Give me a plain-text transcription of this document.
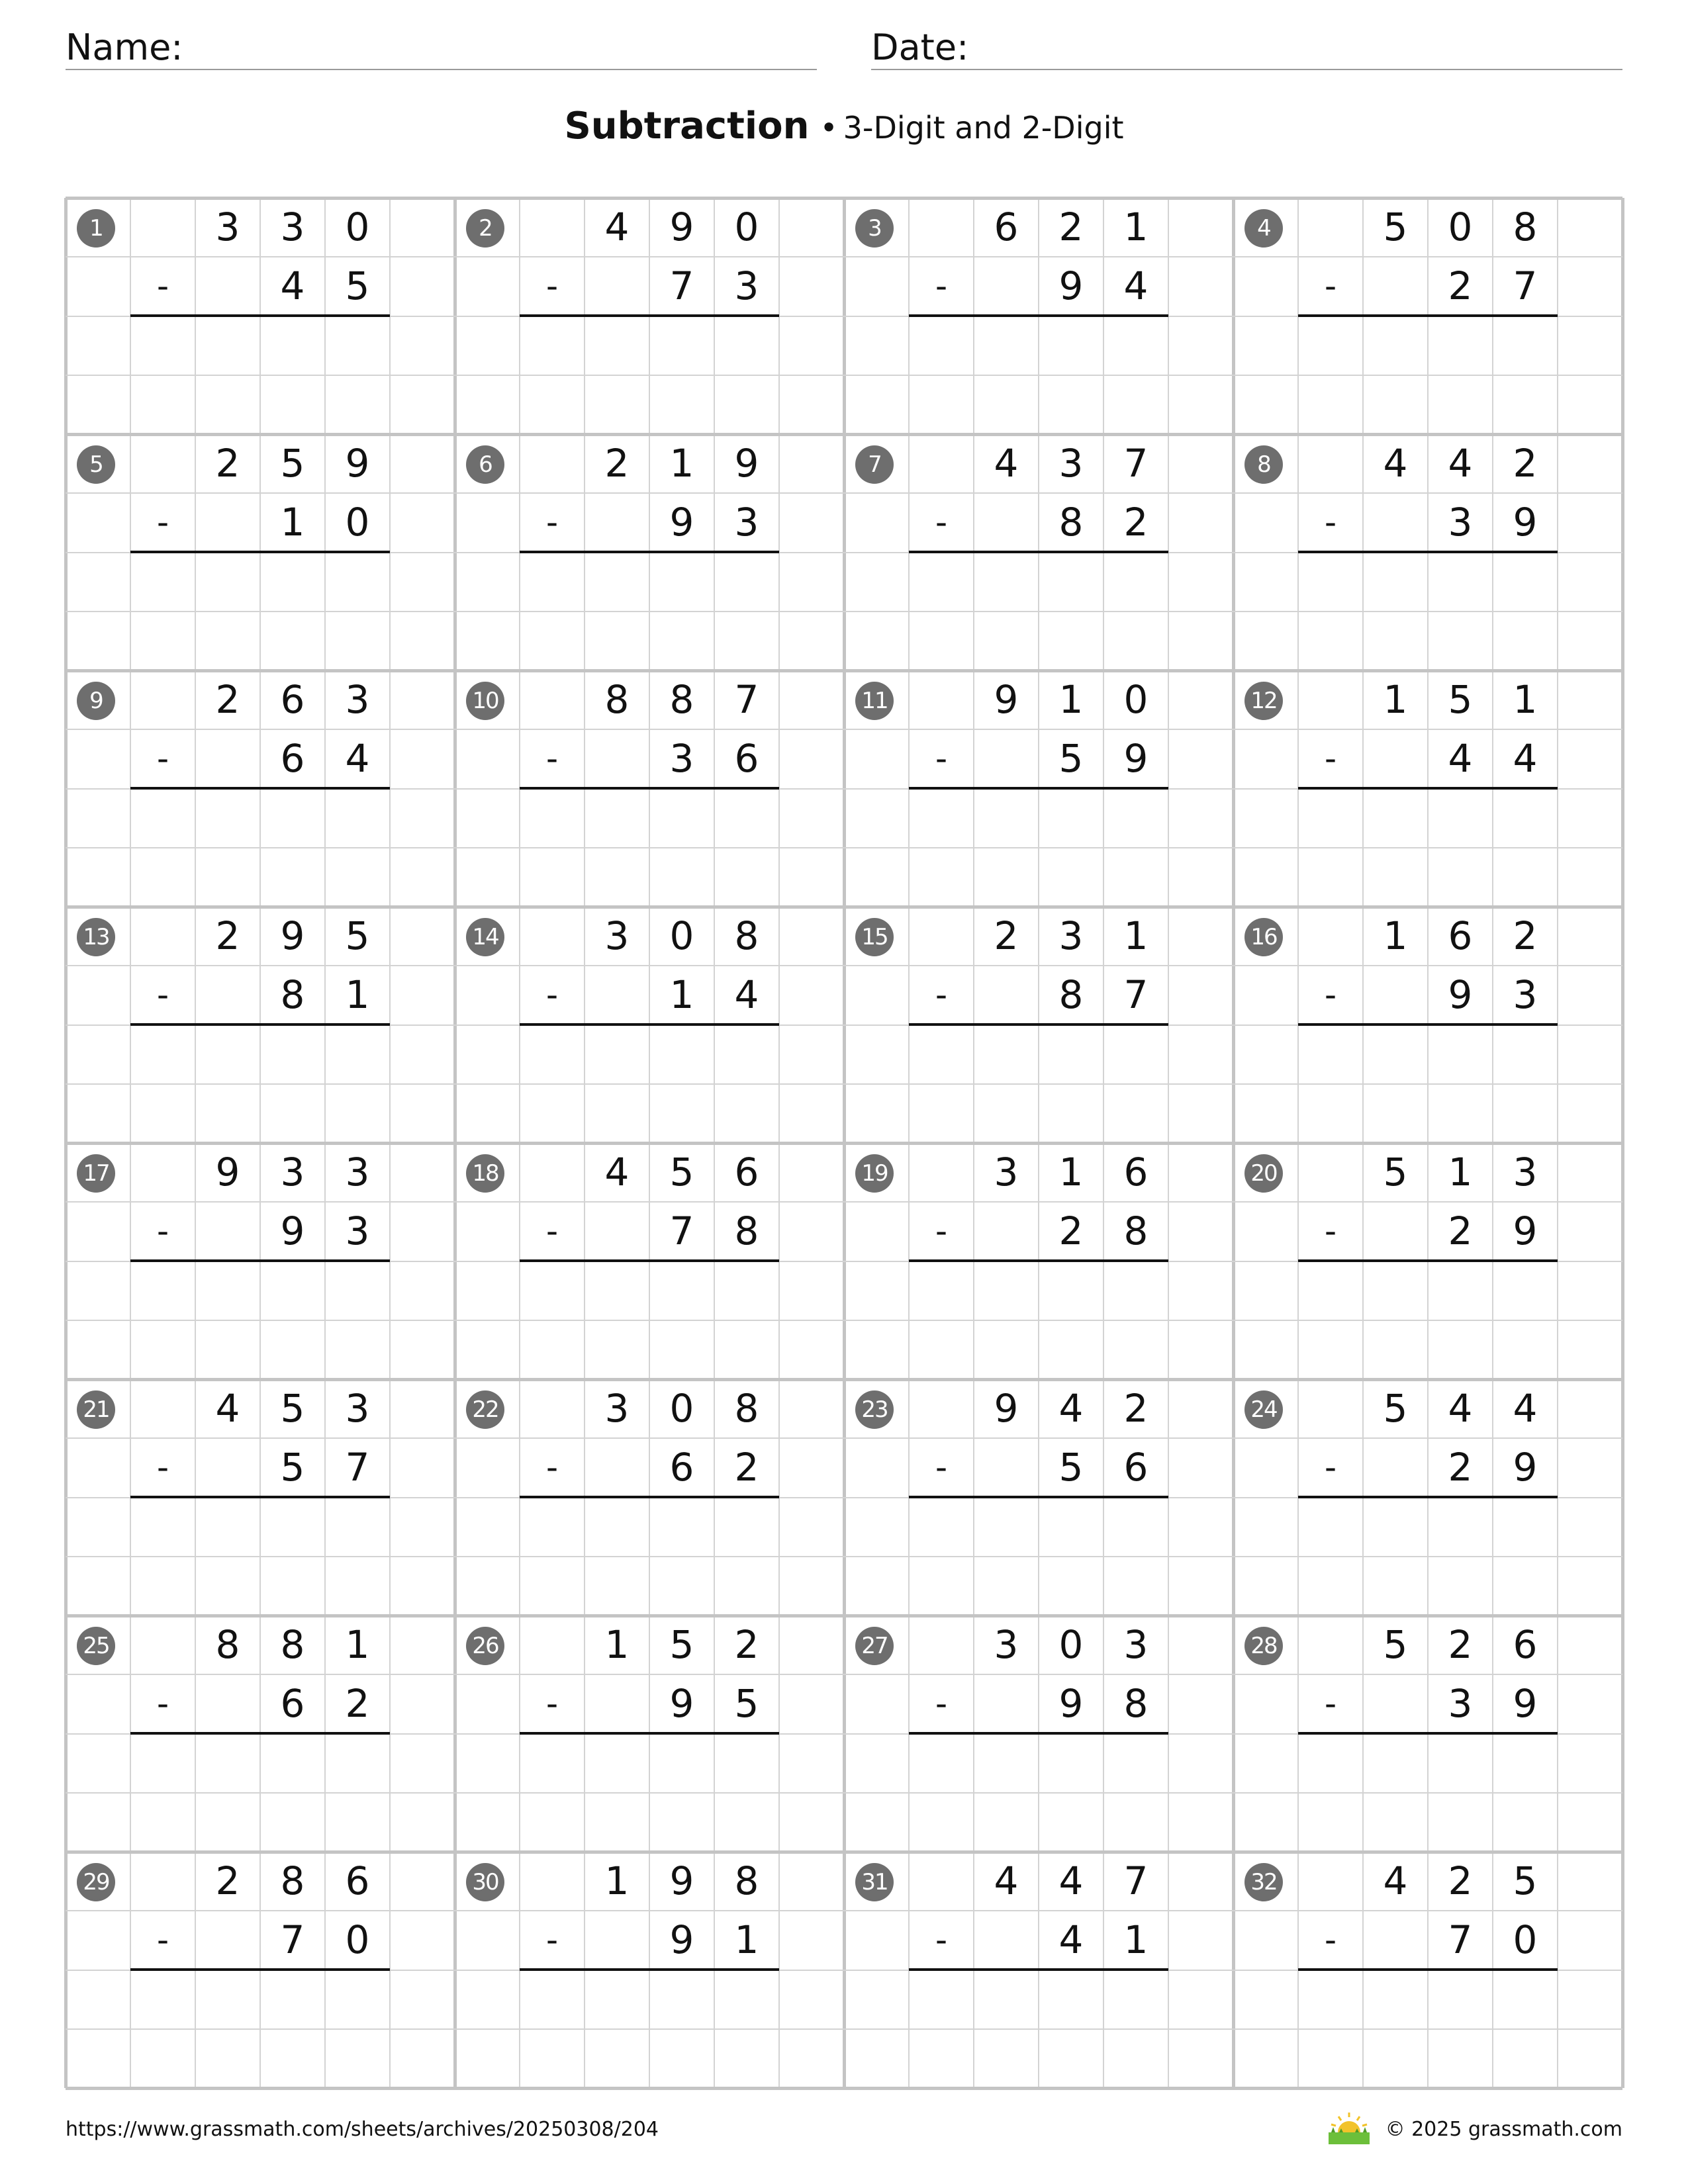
Name:	Date:
Subtraction • 3-Digit and 2-Digit
1	3	3	0
-	4	5
2	4	9	0
-	7	3
3	6	2	1
-	9	4
4	5	0	8
-	2	7
5	2	5	9
-	1	0
6	2	1	9
-	9	3
7	4	3	7
-	8	2
8	4	4	2
-	3	9
9	2	6	3
-	6	4
10	8	8	7
-	3	6
11	9	1	0
-	5	9
12	1	5	1
-	4	4
13	2	9	5
-	8	1
14	3	0	8
-	1	4
15	2	3	1
-	8	7
16	1	6	2
-	9	3
17	9	3	3
-	9	3
18	4	5	6
-	7	8
19	3	1	6
-	2	8
20	5	1	3
-	2	9
21	4	5	3
-	5	7
22	3	0	8
-	6	2
23	9	4	2
-	5	6
24	5	4	4
-	2	9
25	8	8	1
-	6	2
26	1	5	2
-	9	5
27	3	0	3
-	9	8
28	5	2	6
-	3	9
29	2	8	6
-	7	0
30	1	9	8
-	9	1
31	4	4	7
-	4	1
32	4	2	5
-	7	0
https://www.grassmath.com/sheets/archives/20250308/204	© 2025 grassmath.com
